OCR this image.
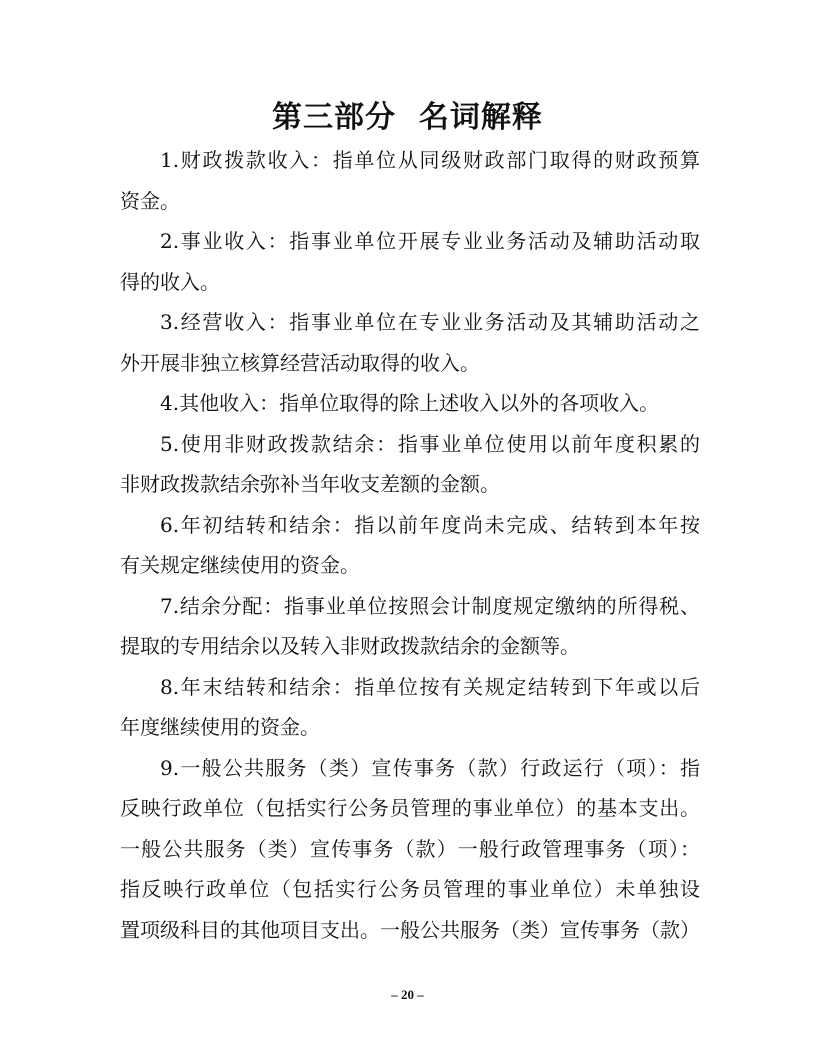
第三部分  名词解释
1.财政拨款收入：指单位从同级财政部门取得的财政预算
资金。
2.事业收入：指事业单位开展专业业务活动及辅助活动取
得的收入。
3.经营收入：指事业单位在专业业务活动及其辅助活动之
外开展非独立核算经营活动取得的收入。
4.其他收入：指单位取得的除上述收入以外的各项收入。
5.使用非财政拨款结余：指事业单位使用以前年度积累的
非财政拨款结余弥补当年收支差额的金额。
6.年初结转和结余：指以前年度尚未完成、结转到本年按
有关规定继续使用的资金。
7.结余分配：指事业单位按照会计制度规定缴纳的所得税、
提取的专用结余以及转入非财政拨款结余的金额等。
8.年末结转和结余：指单位按有关规定结转到下年或以后
年度继续使用的资金。
9.一般公共服务（类）宣传事务（款）行政运行（项）：指
反映行政单位（包括实行公务员管理的事业单位）的基本支出。
一般公共服务（类）宣传事务（款）一般行政管理事务（项）：
指反映行政单位（包括实行公务员管理的事业单位）未单独设
置项级科目的其他项目支出。一般公共服务（类）宣传事务（款）
– 20 –
